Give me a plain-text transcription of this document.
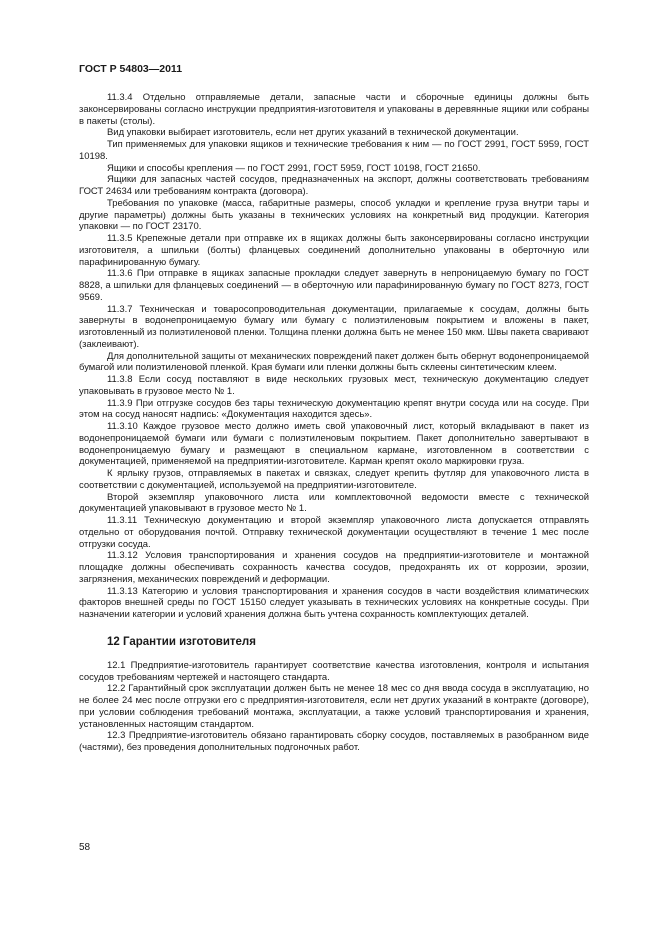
ГОСТ Р 54803—2011

11.3.4 Отдельно отправляемые детали, запасные части и сборочные единицы должны быть законсервированы согласно инструкции предприятия-изготовителя и упакованы в деревянные ящики или собраны в пакеты (столы).

Вид упаковки выбирает изготовитель, если нет других указаний в технической документации.

Тип применяемых для упаковки ящиков и технические требования к ним — по ГОСТ 2991, ГОСТ 5959, ГОСТ 10198.

Ящики и способы крепления — по ГОСТ 2991, ГОСТ 5959, ГОСТ 10198, ГОСТ 21650.

Ящики для запасных частей сосудов, предназначенных на экспорт, должны соответствовать требованиям ГОСТ 24634 или требованиям контракта (договора).

Требования по упаковке (масса, габаритные размеры, способ укладки и крепление груза внутри тары и другие параметры) должны быть указаны в технических условиях на конкретный вид продукции. Категория упаковки — по ГОСТ 23170.

11.3.5 Крепежные детали при отправке их в ящиках должны быть законсервированы согласно инструкции изготовителя, а шпильки (болты) фланцевых соединений дополнительно упакованы в оберточную или парафинированную бумагу.

11.3.6 При отправке в ящиках запасные прокладки следует завернуть в непроницаемую бумагу по ГОСТ 8828, а шпильки для фланцевых соединений — в оберточную или парафинированную бумагу по ГОСТ 8273, ГОСТ 9569.

11.3.7 Техническая и товаросопроводительная документации, прилагаемые к сосудам, должны быть завернуты в водонепроницаемую бумагу или бумагу с полиэтиленовым покрытием и вложены в пакет, изготовленный из полиэтиленовой пленки. Толщина пленки должна быть не менее 150 мкм. Швы пакета сваривают (заклеивают).

Для дополнительной защиты от механических повреждений пакет должен быть обернут водонепроницаемой бумагой или полиэтиленовой пленкой. Края бумаги или пленки должны быть склеены синтетическим клеем.

11.3.8 Если сосуд поставляют в виде нескольких грузовых мест, техническую документацию следует упаковывать в грузовое место № 1.

11.3.9 При отгрузке сосудов без тары техническую документацию крепят внутри сосуда или на сосуде. При этом на сосуд наносят надпись: «Документация находится здесь».

11.3.10 Каждое грузовое место должно иметь свой упаковочный лист, который вкладывают в пакет из водонепроницаемой бумаги или бумаги с полиэтиленовым покрытием. Пакет дополнительно завертывают в водонепроницаемую бумагу и размещают в специальном кармане, изготовленном в соответствии с документацией, применяемой на предприятии-изготовителе. Карман крепят около маркировки груза.

К ярлыку грузов, отправляемых в пакетах и связках, следует крепить футляр для упаковочного листа в соответствии с документацией, используемой на предприятии-изготовителе.

Второй экземпляр упаковочного листа или комплектовочной ведомости вместе с технической документацией упаковывают в грузовое место № 1.

11.3.11 Техническую документацию и второй экземпляр упаковочного листа допускается отправлять отдельно от оборудования почтой. Отправку технической документации осуществляют в течение 1 мес после отгрузки сосуда.

11.3.12 Условия транспортирования и хранения сосудов на предприятии-изготовителе и монтажной площадке должны обеспечивать сохранность качества сосудов, предохранять их от коррозии, эрозии, загрязнения, механических повреждений и деформации.

11.3.13 Категорию и условия транспортирования и хранения сосудов в части воздействия климатических факторов внешней среды по ГОСТ 15150 следует указывать в технических условиях на конкретные сосуды. При назначении категории и условий хранения должна быть учтена сохранность комплектующих деталей.

12 Гарантии изготовителя

12.1 Предприятие-изготовитель гарантирует соответствие качества изготовления, контроля и испытания сосудов требованиям чертежей и настоящего стандарта.

12.2 Гарантийный срок эксплуатации должен быть не менее 18 мес со дня ввода сосуда в эксплуатацию, но не более 24 мес после отгрузки его с предприятия-изготовителя, если нет других указаний в контракте (договоре), при условии соблюдения требований монтажа, эксплуатации, а также условий транспортирования и хранения, установленных настоящим стандартом.

12.3 Предприятие-изготовитель обязано гарантировать сборку сосудов, поставляемых в разобранном виде (частями), без проведения дополнительных подгоночных работ.

58
